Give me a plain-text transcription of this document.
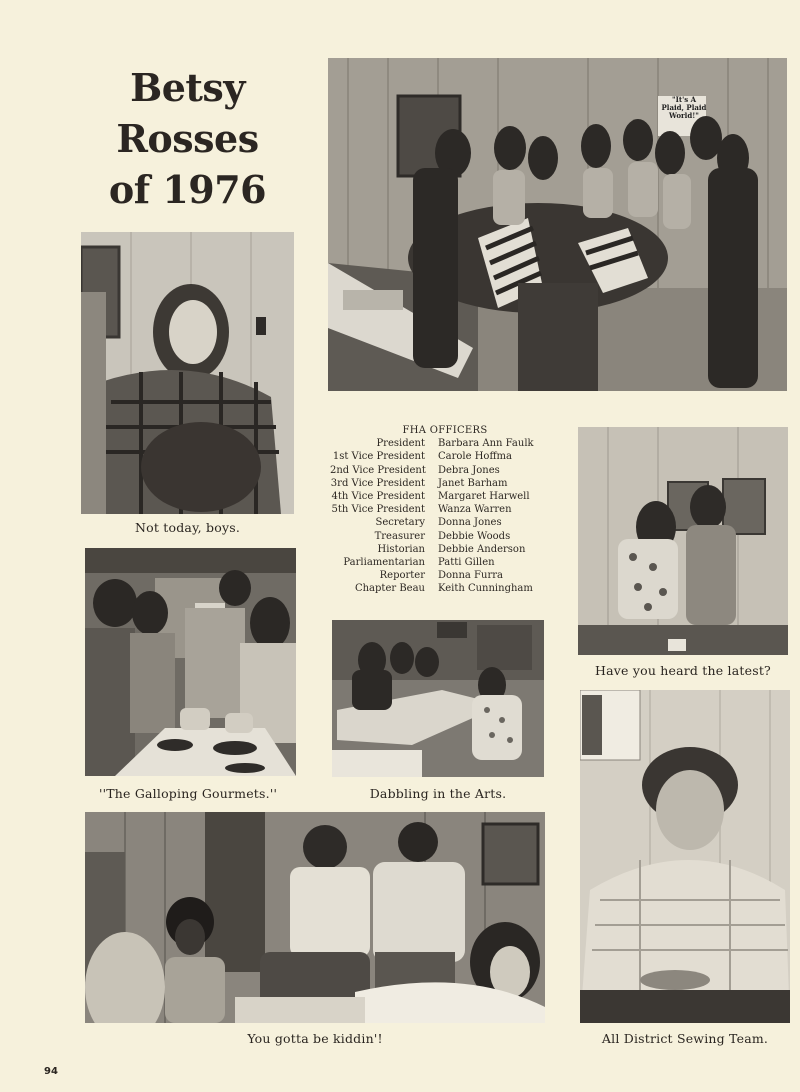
Betsy
Rosses
of 1976
"It's A
Plaid, Plaid
World!"
Not today, boys.
FHA OFFICERS
President	Barbara Ann Faulk
1st Vice President	Carole Hoffma
2nd Vice President	Debra Jones
3rd Vice President	Janet Barham
4th Vice President	Margaret Harwell
5th Vice President	Wanza Warren
Secretary	Donna Jones
Treasurer	Debbie Woods
Historian	Debbie Anderson
Parliamentarian	Patti Gillen
Reporter	Donna Furra
Chapter Beau	Keith Cunningham
Have you heard the latest?
''The Galloping Gourmets.''	Dabbling in the Arts.
All District Sewing Team.
You gotta be kiddin'!
94
